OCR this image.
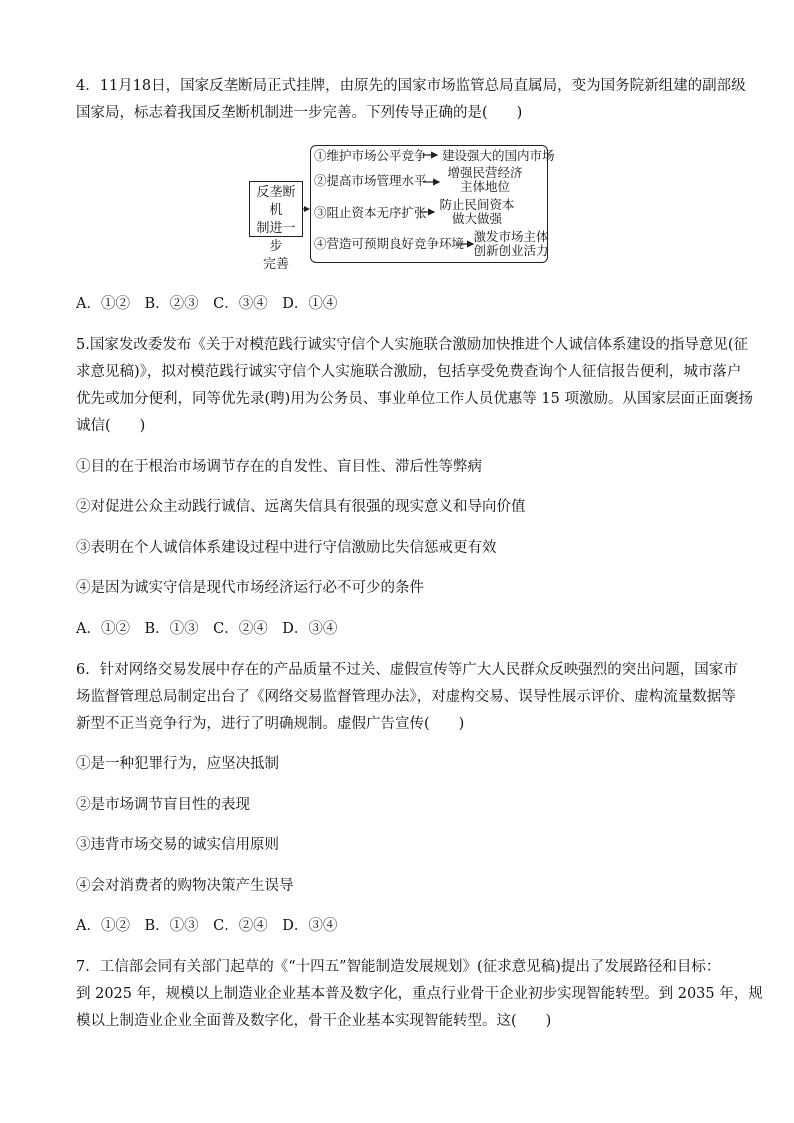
4．11月18日，国家反垄断局正式挂牌，由原先的国家市场监管总局直属局，变为国务院新组建的副部级
国家局，标志着我国反垄断机制进一步完善。下列传导正确的是(　　)
反垄断机
制进一步
完善
①维护市场公平竞争 建设强大的国内市场
②提高市场管理水平
增强民营经济
主体地位
③阻止资本无序扩张
防止民间资本
做大做强
④营造可预期良好竞争环境 激发市场主体
创新创业活力
A．①②　B．②③　C．③④　D．①④
5.国家发改委发布《关于对模范践行诚实守信个人实施联合激励加快推进个人诚信体系建设的指导意见(征
求意见稿)》，拟对模范践行诚实守信个人实施联合激励，包括享受免费查询个人征信报告便利，城市落户
优先或加分便利，同等优先录(聘)用为公务员、事业单位工作人员优惠等 15 项激励。从国家层面正面褒扬
诚信(　　)
①目的在于根治市场调节存在的自发性、盲目性、滞后性等弊病
②对促进公众主动践行诚信、远离失信具有很强的现实意义和导向价值
③表明在个人诚信体系建设过程中进行守信激励比失信惩戒更有效
④是因为诚实守信是现代市场经济运行必不可少的条件
A．①②　B．①③　C．②④　D．③④
6．针对网络交易发展中存在的产品质量不过关、虚假宣传等广大人民群众反映强烈的突出问题，国家市
场监督管理总局制定出台了《网络交易监督管理办法》，对虚构交易、误导性展示评价、虚构流量数据等
新型不正当竞争行为，进行了明确规制。虚假广告宣传(　　)
①是一种犯罪行为，应坚决抵制
②是市场调节盲目性的表现
③违背市场交易的诚实信用原则
④会对消费者的购物决策产生误导
A．①②　B．①③　C．②④　D．③④
7．工信部会同有关部门起草的《“十四五”智能制造发展规划》(征求意见稿)提出了发展路径和目标：
到 2025 年，规模以上制造业企业基本普及数字化，重点行业骨干企业初步实现智能转型。到 2035 年，规
模以上制造业企业全面普及数字化，骨干企业基本实现智能转型。这(　　)
